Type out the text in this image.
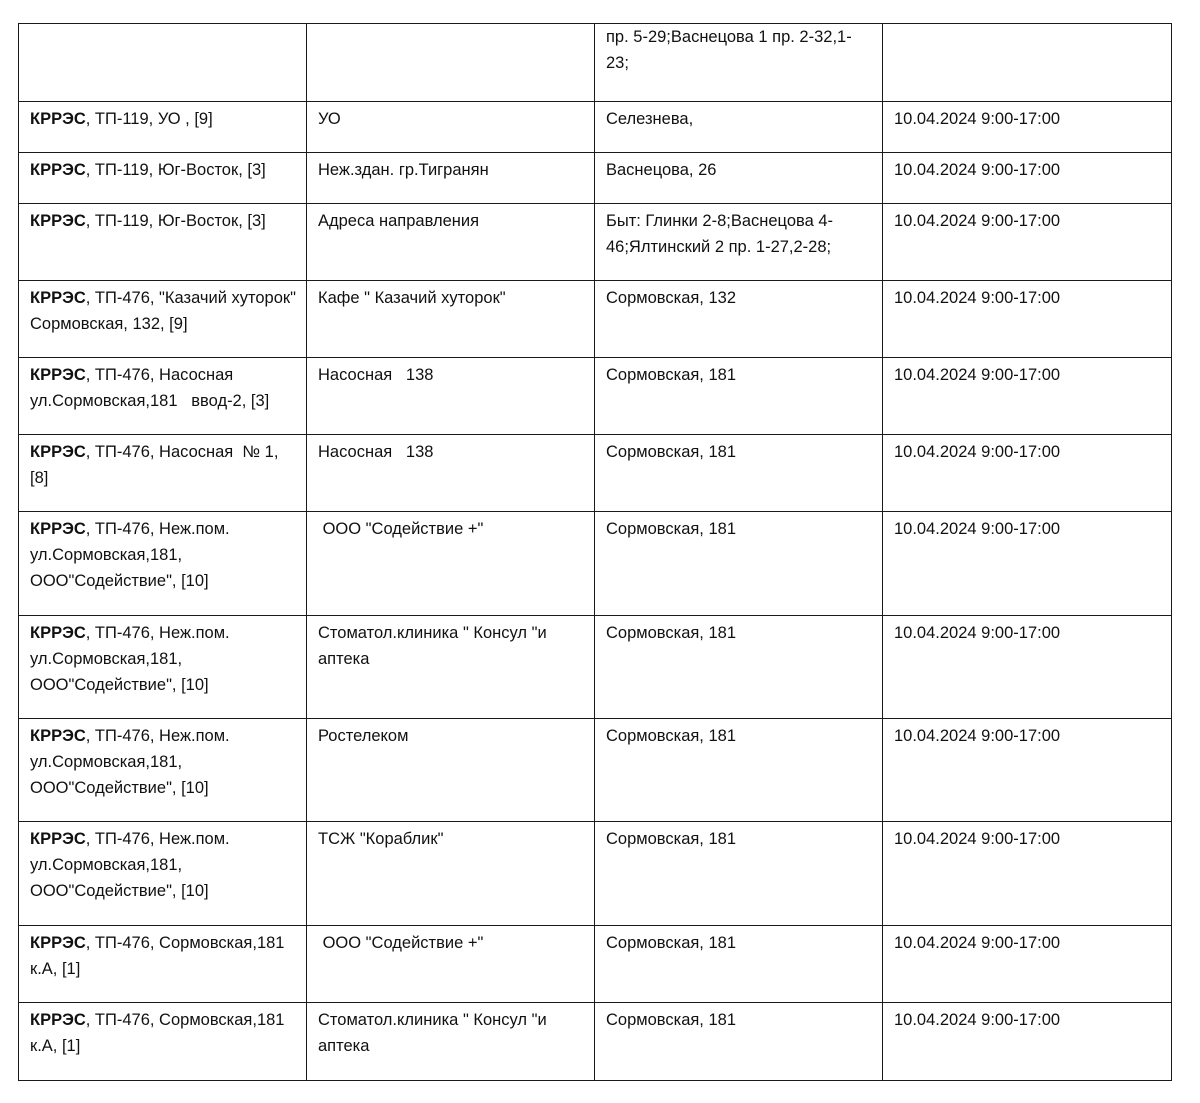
		пр. 5-29;Васнецова 1 пр. 2-32,1-23;	
КРРЭС, ТП-119, УО , [9]	УО	Селезнева,	10.04.2024 9:00-17:00
КРРЭС, ТП-119, Юг-Восток, [3]	Неж.здан. гр.Тигранян	Васнецова, 26	10.04.2024 9:00-17:00
КРРЭС, ТП-119, Юг-Восток, [3]	Адреса направления	Быт: Глинки 2-8;Васнецова 4-46;Ялтинский 2 пр. 1-27,2-28;	10.04.2024 9:00-17:00
КРРЭС, ТП-476, "Казачий хуторок"  Сормовская, 132, [9]	Кафе " Казачий хуторок"	Сормовская, 132	10.04.2024 9:00-17:00
КРРЭС, ТП-476, Насосная ул.Сормовская,181   ввод-2, [3]	Насосная   138	Сормовская, 181	10.04.2024 9:00-17:00
КРРЭС, ТП-476, Насосная  № 1, [8]	Насосная   138	Сормовская, 181	10.04.2024 9:00-17:00
КРРЭС, ТП-476, Неж.пом. ул.Сормовская,181, ООО"Содействие", [10]	ООО "Содействие +"	Сормовская, 181	10.04.2024 9:00-17:00
КРРЭС, ТП-476, Неж.пом. ул.Сормовская,181, ООО"Содействие", [10]	Стоматол.клиника " Консул "и аптека	Сормовская, 181	10.04.2024 9:00-17:00
КРРЭС, ТП-476, Неж.пом. ул.Сормовская,181, ООО"Содействие", [10]	Ростелеком	Сормовская, 181	10.04.2024 9:00-17:00
КРРЭС, ТП-476, Неж.пом. ул.Сормовская,181, ООО"Содействие", [10]	ТСЖ "Кораблик"	Сормовская, 181	10.04.2024 9:00-17:00
КРРЭС, ТП-476, Сормовская,181 к.А, [1]	ООО "Содействие +"	Сормовская, 181	10.04.2024 9:00-17:00
КРРЭС, ТП-476, Сормовская,181 к.А, [1]	Стоматол.клиника " Консул "и аптека	Сормовская, 181	10.04.2024 9:00-17:00
